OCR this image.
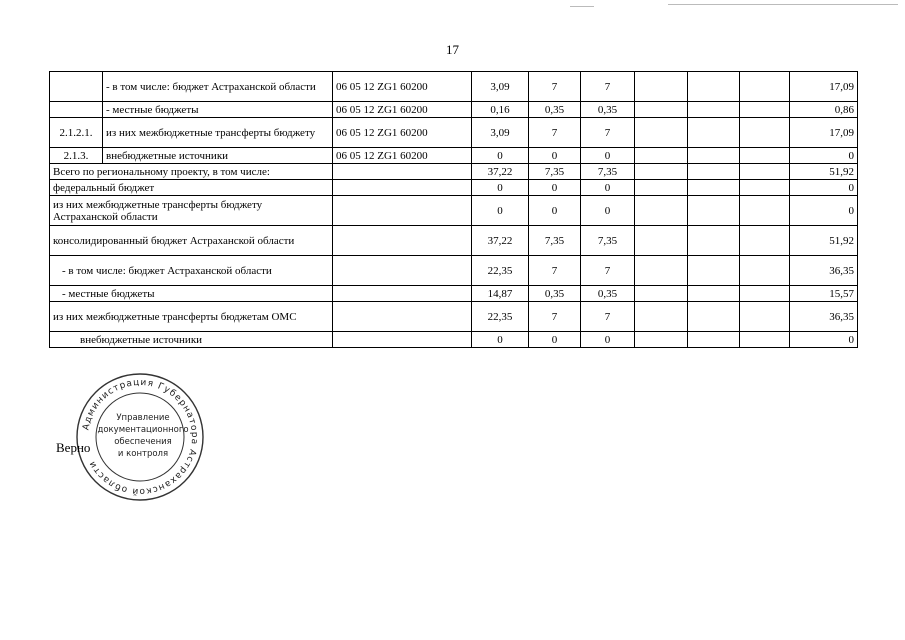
17
	- в том числе: бюджет Астраханской области	06 05 12 ZG1 60200	3,09	7	7				17,09
	- местные бюджеты	06 05 12 ZG1 60200	0,16	0,35	0,35				0,86
2.1.2.1.	из них межбюджетные трансферты бюджету	06 05 12 ZG1 60200	3,09	7	7				17,09
2.1.3.	внебюджетные источники	06 05 12 ZG1 60200	0	0	0				0
Всего по региональному проекту, в том числе:			37,22	7,35	7,35				51,92
федеральный бюджет			0	0	0				0
из них межбюджетные трансферты бюджету Астраханской области			0	0	0				0
консолидированный бюджет Астраханской области			37,22	7,35	7,35				51,92
- в том числе: бюджет Астраханской области			22,35	7	7				36,35
- местные бюджеты			14,87	0,35	0,35				15,57
из них межбюджетные трансферты бюджетам ОМС			22,35	7	7				36,35
внебюджетные источники			0	0	0				0
Администрация Губернатора Астраханской области
Управление
документационного
обеспечения
и контроля
Верно
